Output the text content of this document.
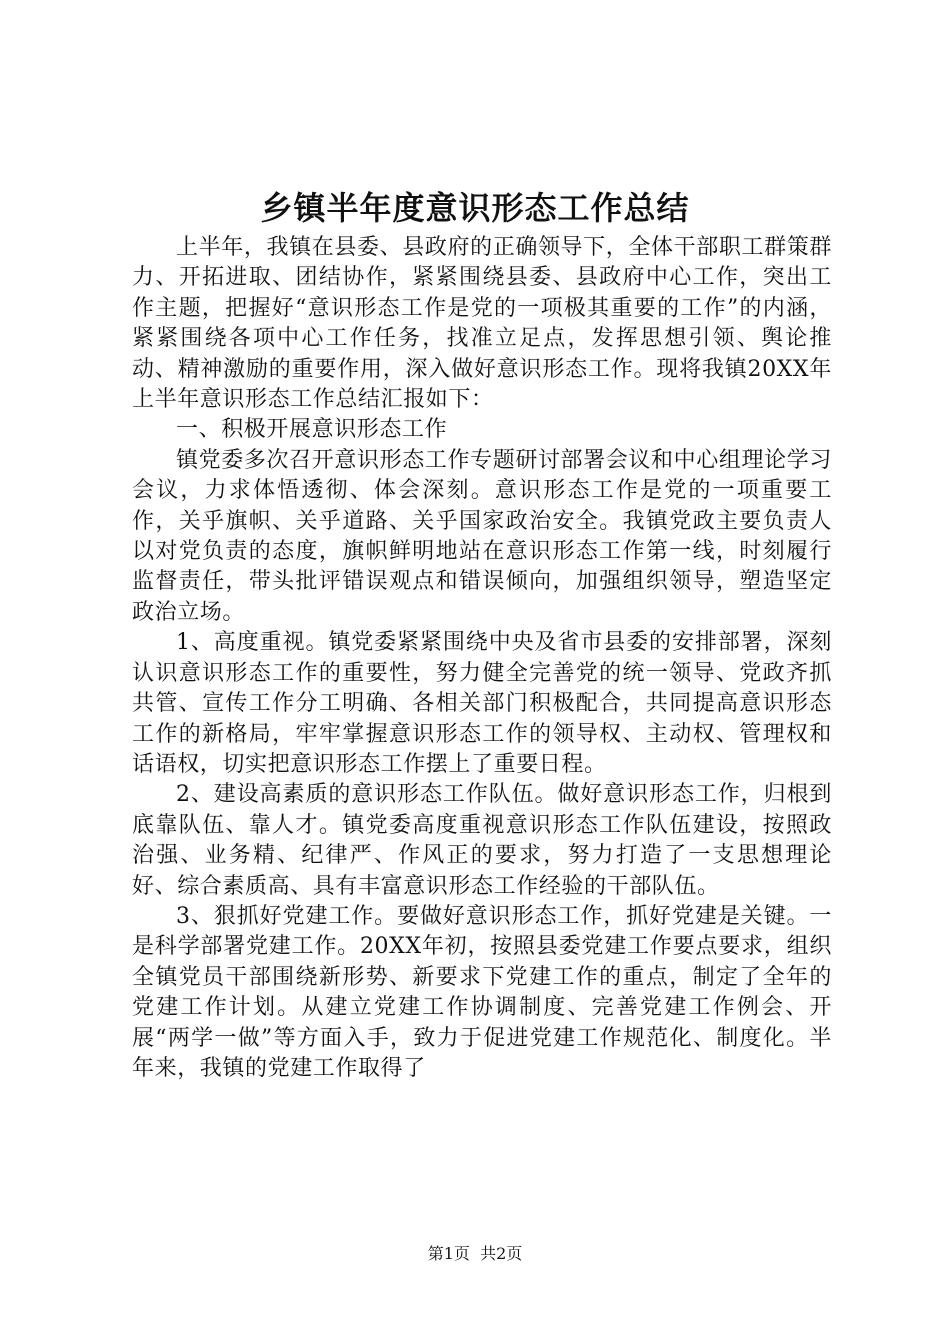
乡镇半年度意识形态工作总结

上半年，我镇在县委、县政府的正确领导下，全体干部职工群策群力、开拓进取、团结协作，紧紧围绕县委、县政府中心工作，突出工作主题，把握好“意识形态工作是党的一项极其重要的工作”的内涵，紧紧围绕各项中心工作任务，找准立足点，发挥思想引领、舆论推动、精神激励的重要作用，深入做好意识形态工作。现将我镇20XX年上半年意识形态工作总结汇报如下：

一、积极开展意识形态工作

镇党委多次召开意识形态工作专题研讨部署会议和中心组理论学习会议，力求体悟透彻、体会深刻。意识形态工作是党的一项重要工作，关乎旗帜、关乎道路、关乎国家政治安全。我镇党政主要负责人以对党负责的态度，旗帜鲜明地站在意识形态工作第一线，时刻履行监督责任，带头批评错误观点和错误倾向，加强组织领导，塑造坚定政治立场。

1、高度重视。镇党委紧紧围绕中央及省市县委的安排部署，深刻认识意识形态工作的重要性，努力健全完善党的统一领导、党政齐抓共管、宣传工作分工明确、各相关部门积极配合，共同提高意识形态工作的新格局，牢牢掌握意识形态工作的领导权、主动权、管理权和话语权，切实把意识形态工作摆上了重要日程。

2、建设高素质的意识形态工作队伍。做好意识形态工作，归根到底靠队伍、靠人才。镇党委高度重视意识形态工作队伍建设，按照政治强、业务精、纪律严、作风正的要求，努力打造了一支思想理论好、综合素质高、具有丰富意识形态工作经验的干部队伍。

3、狠抓好党建工作。要做好意识形态工作，抓好党建是关键。一是科学部署党建工作。20XX年初，按照县委党建工作要点要求，组织全镇党员干部围绕新形势、新要求下党建工作的重点，制定了全年的党建工作计划。从建立党建工作协调制度、完善党建工作例会、开展“两学一做”等方面入手，致力于促进党建工作规范化、制度化。半年来，我镇的党建工作取得了

第1页  共2页
